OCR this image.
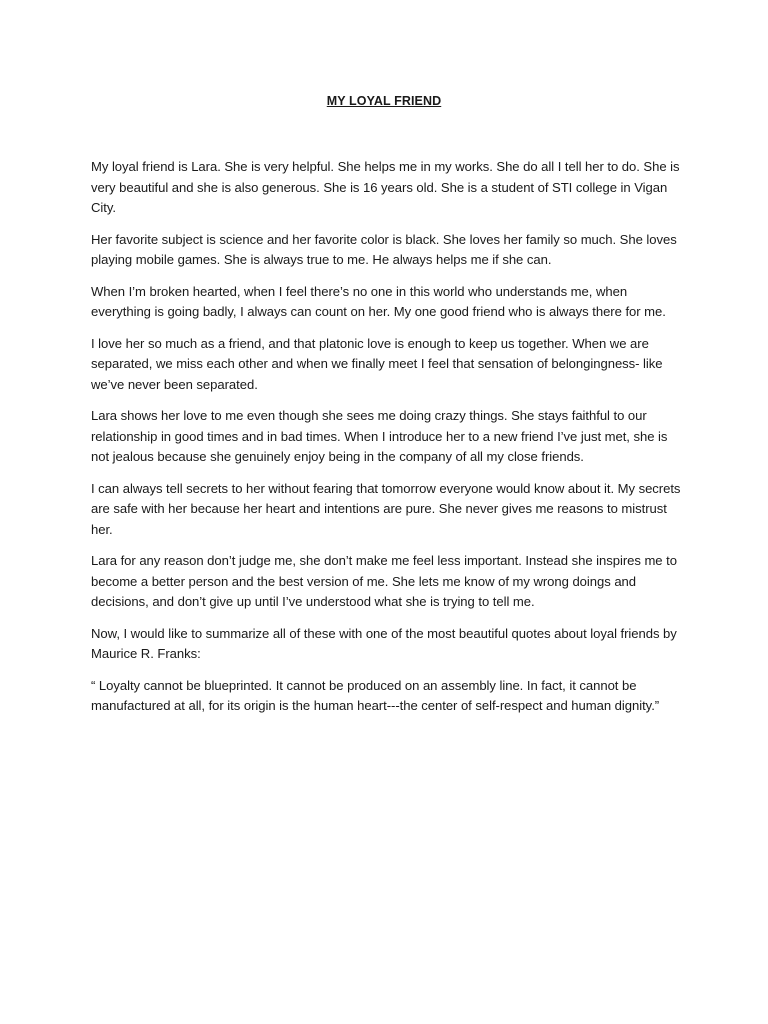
MY LOYAL FRIEND

My loyal friend is Lara. She is very helpful. She helps me in my works. She do all I tell her to do. She is very beautiful and she is also generous. She is 16 years old. She is a student of STI college in Vigan City.

Her favorite subject is science and her favorite color is black. She loves her family so much. She loves playing mobile games. She is always true to me. He always helps me if she can.

When I’m broken hearted, when I feel there’s no one in this world who understands me, when everything is going badly, I always can count on her. My one good friend who is always there for me.

I love her so much as a friend, and that platonic love is enough to keep us together. When we are separated, we miss each other and when we finally meet I feel that sensation of belongingness- like we’ve never been separated.

Lara shows her love to me even though she sees me doing crazy things. She stays faithful to our relationship in good times and in bad times. When I introduce her to a new friend I’ve just met, she is not jealous because she genuinely enjoy being in the company of all my close friends.

I can always tell secrets to her without fearing that tomorrow everyone would know about it. My secrets are safe with her because her heart and intentions are pure. She never gives me reasons to mistrust her.

Lara for any reason don’t judge me, she don’t make me feel less important. Instead she inspires me to become a better person and the best version of me. She lets me know of my wrong doings and decisions, and don’t give up until I’ve understood what she is trying to tell me.

Now, I would like to summarize all of these with one of the most beautiful quotes about loyal friends by Maurice R. Franks:

“ Loyalty cannot be blueprinted. It cannot be produced on an assembly line. In fact, it cannot be manufactured at all, for its origin is the human heart---the center of self-respect and human dignity.”
